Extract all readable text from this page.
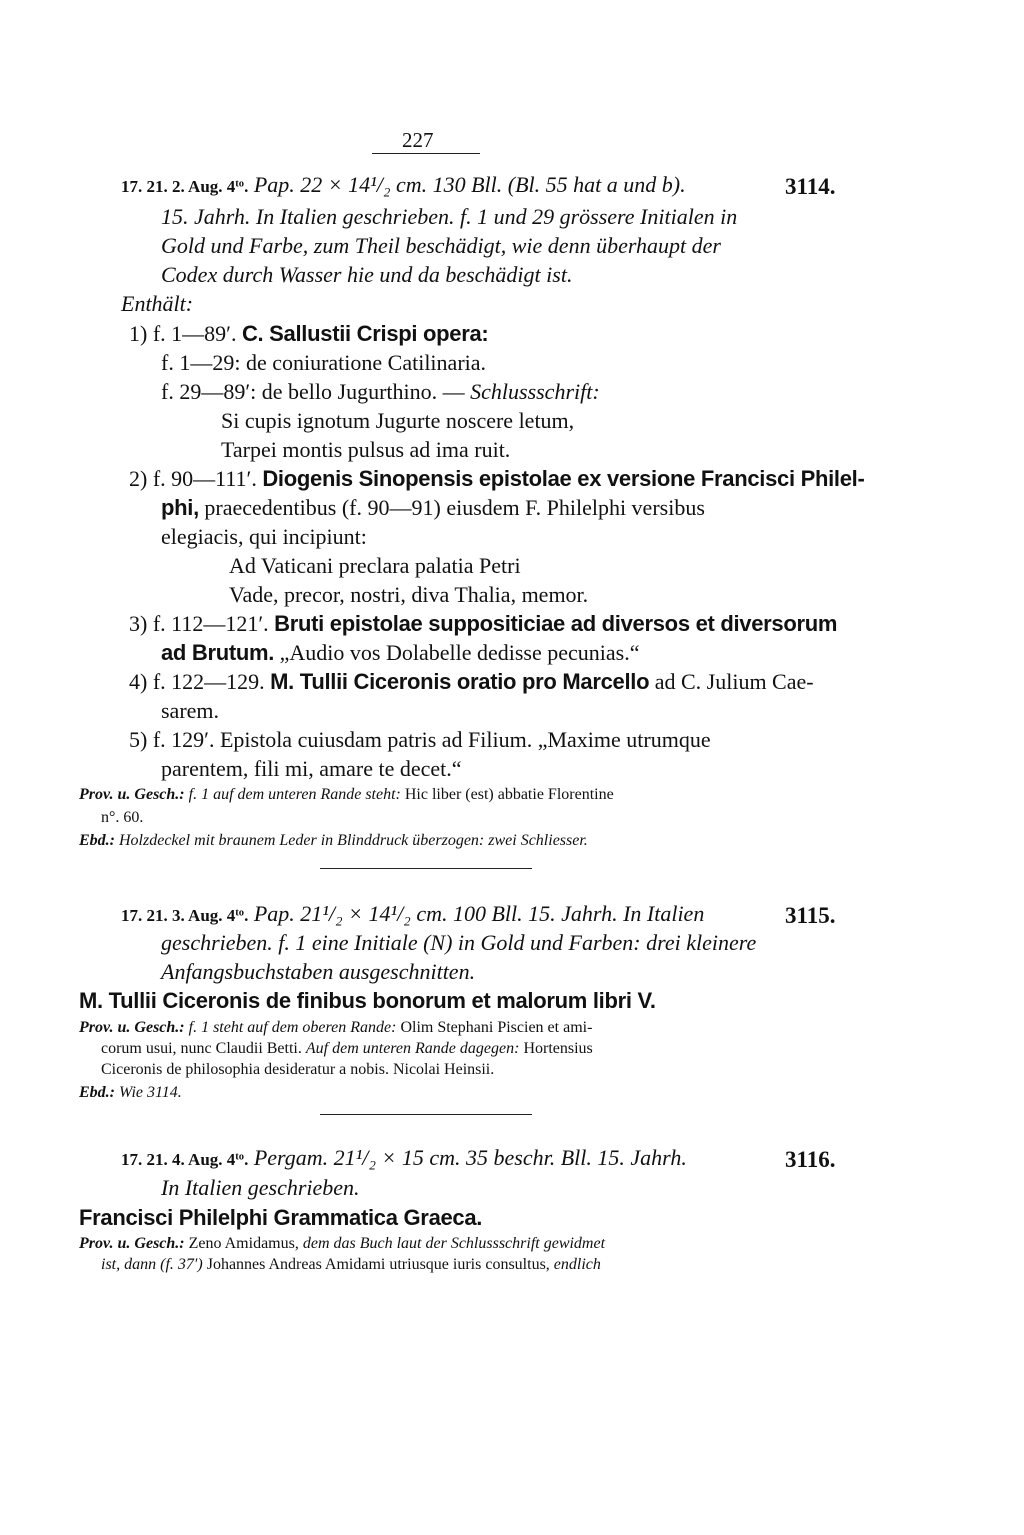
227
17. 21. 2. Aug. $4^{to}$. Pap. 22 × 14¹/₂ cm. 130 Bll. (Bl. 55 hat a und b).	3114.
15. Jahrh. In Italien geschrieben. f. 1 und 29 grössere Initialen in
Gold und Farbe, zum Theil beschädigt, wie denn überhaupt der
Codex durch Wasser hie und da beschädigt ist.
Enthält:
1) f. 1—89′. C. Sallustii Crispi opera:
f. 1—29: de coniuratione Catilinaria.
f. 29—89′: de bello Jugurthino. — Schlussschrift:
Si cupis ignotum Jugurte noscere letum,
Tarpei montis pulsus ad ima ruit.
2) f. 90—111′. Diogenis Sinopensis epistolae ex versione Francisci Philel-
phi, praecedentibus (f. 90—91) eiusdem F. Philelphi versibus
elegiacis, qui incipiunt:
Ad Vaticani preclara palatia Petri
Vade, precor, nostri, diva Thalia, memor.
3) f. 112—121′. Bruti epistolae suppositiciae ad diversos et diversorum
ad Brutum. „Audio vos Dolabelle dedisse pecunias.“
4) f. 122—129. M. Tullii Ciceronis oratio pro Marcello ad C. Julium Cae-
sarem.
5) f. 129′. Epistola cuiusdam patris ad Filium. „Maxime utrumque
parentem, fili mi, amare te decet.“
Prov. u. Gesch.: f. 1 auf dem unteren Rande steht: Hic liber (est) abbatie Florentine
n°. 60.
Ebd.: Holzdeckel mit braunem Leder in Blinddruck überzogen: zwei Schliesser.
17. 21. 3. Aug. $4^{to}$. Pap. 21¹/₂ × 14¹/₂ cm. 100 Bll. 15. Jahrh. In Italien	3115.
geschrieben. f. 1 eine Initiale (N) in Gold und Farben: drei kleinere
Anfangsbuchstaben ausgeschnitten.
M. Tullii Ciceronis de finibus bonorum et malorum libri V.
Prov. u. Gesch.: f. 1 steht auf dem oberen Rande: Olim Stephani Piscien et ami-
corum usui, nunc Claudii Betti. Auf dem unteren Rande dagegen: Hortensius
Ciceronis de philosophia desideratur a nobis. Nicolai Heinsii.
Ebd.: Wie 3114.
17. 21. 4. Aug. $4^{to}$. Pergam. 21¹/₂ × 15 cm. 35 beschr. Bll. 15. Jahrh.	3116.
In Italien geschrieben.
Francisci Philelphi Grammatica Graeca.
Prov. u. Gesch.: Zeno Amidamus, dem das Buch laut der Schlussschrift gewidmet
ist, dann (f. 37′) Johannes Andreas Amidami utriusque iuris consultus, endlich
